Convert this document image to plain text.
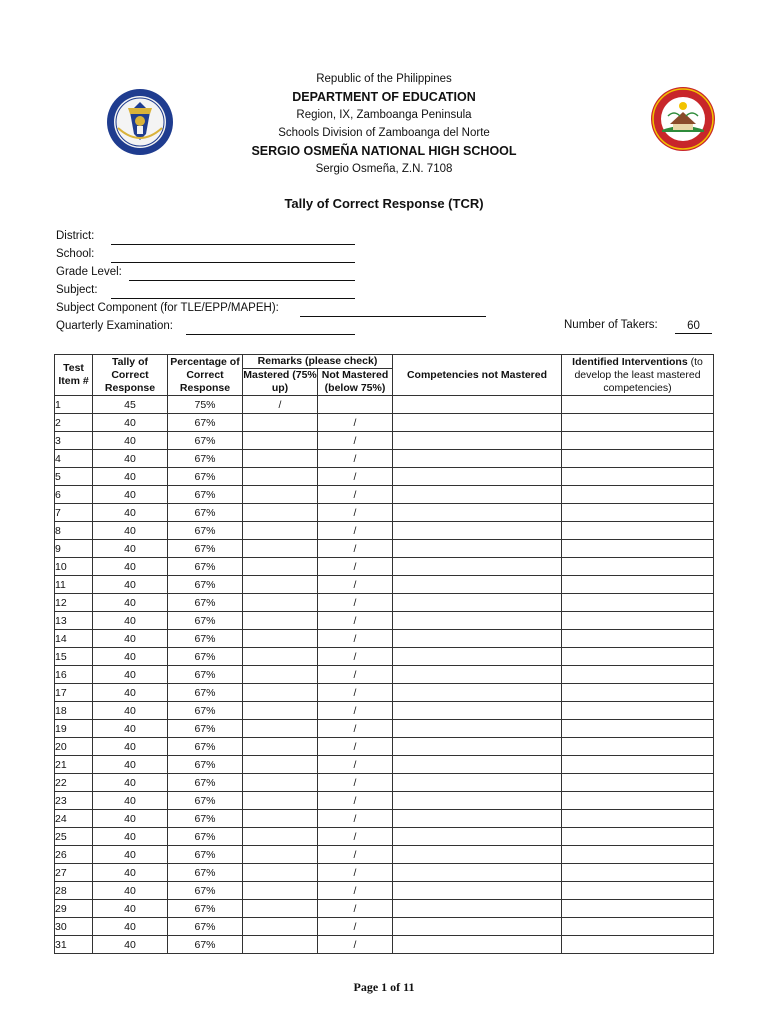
Republic of the Philippines
DEPARTMENT OF EDUCATION
Region, IX, Zamboanga Peninsula
Schools Division of Zamboanga del Norte
SERGIO OSMEÑA NATIONAL HIGH SCHOOL
Sergio Osmeña, Z.N. 7108
Tally of Correct Response (TCR)
District:
School:
Grade Level:
Subject:
Subject Component (for TLE/EPP/MAPEH):
Quarterly Examination:	Number of Takers:	60
Test Item #	Tally of Correct Response	Percentage of Correct Response	Remarks (please check)		Competencies not Mastered	Identified Interventions (to develop the least mastered competencies)
			Mastered (75% up)	Not Mastered (below 75%)		
1	45	75%	/			
2	40	67%		/		
3	40	67%		/		
4	40	67%		/		
5	40	67%		/		
6	40	67%		/		
7	40	67%		/		
8	40	67%		/		
9	40	67%		/		
10	40	67%		/		
11	40	67%		/		
12	40	67%		/		
13	40	67%		/		
14	40	67%		/		
15	40	67%		/		
16	40	67%		/		
17	40	67%		/		
18	40	67%		/		
19	40	67%		/		
20	40	67%		/		
21	40	67%		/		
22	40	67%		/		
23	40	67%		/		
24	40	67%		/		
25	40	67%		/		
26	40	67%		/		
27	40	67%		/		
28	40	67%		/		
29	40	67%		/		
30	40	67%		/		
31	40	67%		/		
Page 1 of 11
